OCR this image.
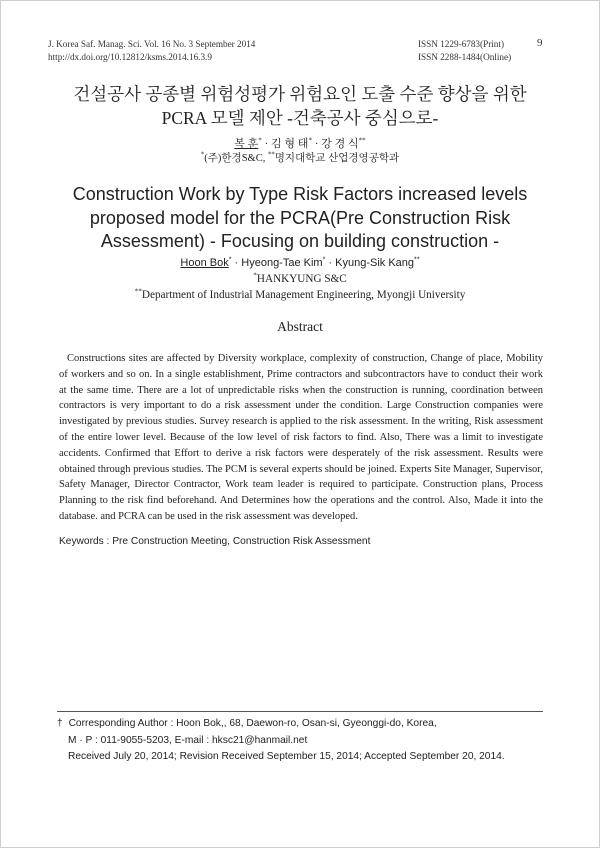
J. Korea Saf. Manag. Sci. Vol. 16 No. 3 September 2014
http://dx.doi.org/10.12812/ksms.2014.16.3.9
ISSN 1229-6783(Print)
ISSN 2288-1484(Online)
9
건설공사 공종별 위험성평가 위험요인 도출 수준 향상을 위한
PCRA 모델 제안 -건축공사 중심으로-
복 훈* · 김 형 태* · 강 경 식**
*(주)한경S&C, **명지대학교 산업경영공학과
Construction Work by Type Risk Factors increased levels
proposed model for the PCRA(Pre Construction Risk
Assessment) - Focusing on building construction -
Hoon Bok* · Hyeong-Tae Kim* · Kyung-Sik Kang**
*HANKYUNG S&C
**Department of Industrial Management Engineering, Myongji University
Abstract

Constructions sites are affected by Diversity workplace, complexity of construction, Change of place, Mobility of workers and so on. In a single establishment, Prime contractors and subcontractors have to conduct their work at the same time. There are a lot of unpredictable risks when the construction is running, coordination between contractors is very important to do a risk assessment under the condition. Large Construction companies were investigated by previous studies. Survey research is applied to the risk assessment. In the writing, Risk assessment of the entire lower level. Because of the low level of risk factors to find. Also, There was a limit to investigate accidents. Confirmed that Effort to derive a risk factors were desperately of the risk assessment. Results were obtained through previous studies. The PCM is several experts should be joined. Experts Site Manager, Supervisor, Safety Manager, Director Contractor, Work team leader is required to participate. Construction plans, Process Planning to the risk find beforehand. And Determines how the operations and the control. Also, Made it into the database. and PCRA can be used in the risk assessment was developed.

Keywords : Pre Construction Meeting, Construction Risk Assessment
† Corresponding Author : Hoon Bok,, 68, Daewon-ro, Osan-si, Gyeonggi-do, Korea,
M · P : 011-9055-5203, E-mail : hksc21@hanmail.net
Received July 20, 2014; Revision Received September 15, 2014; Accepted September 20, 2014.
